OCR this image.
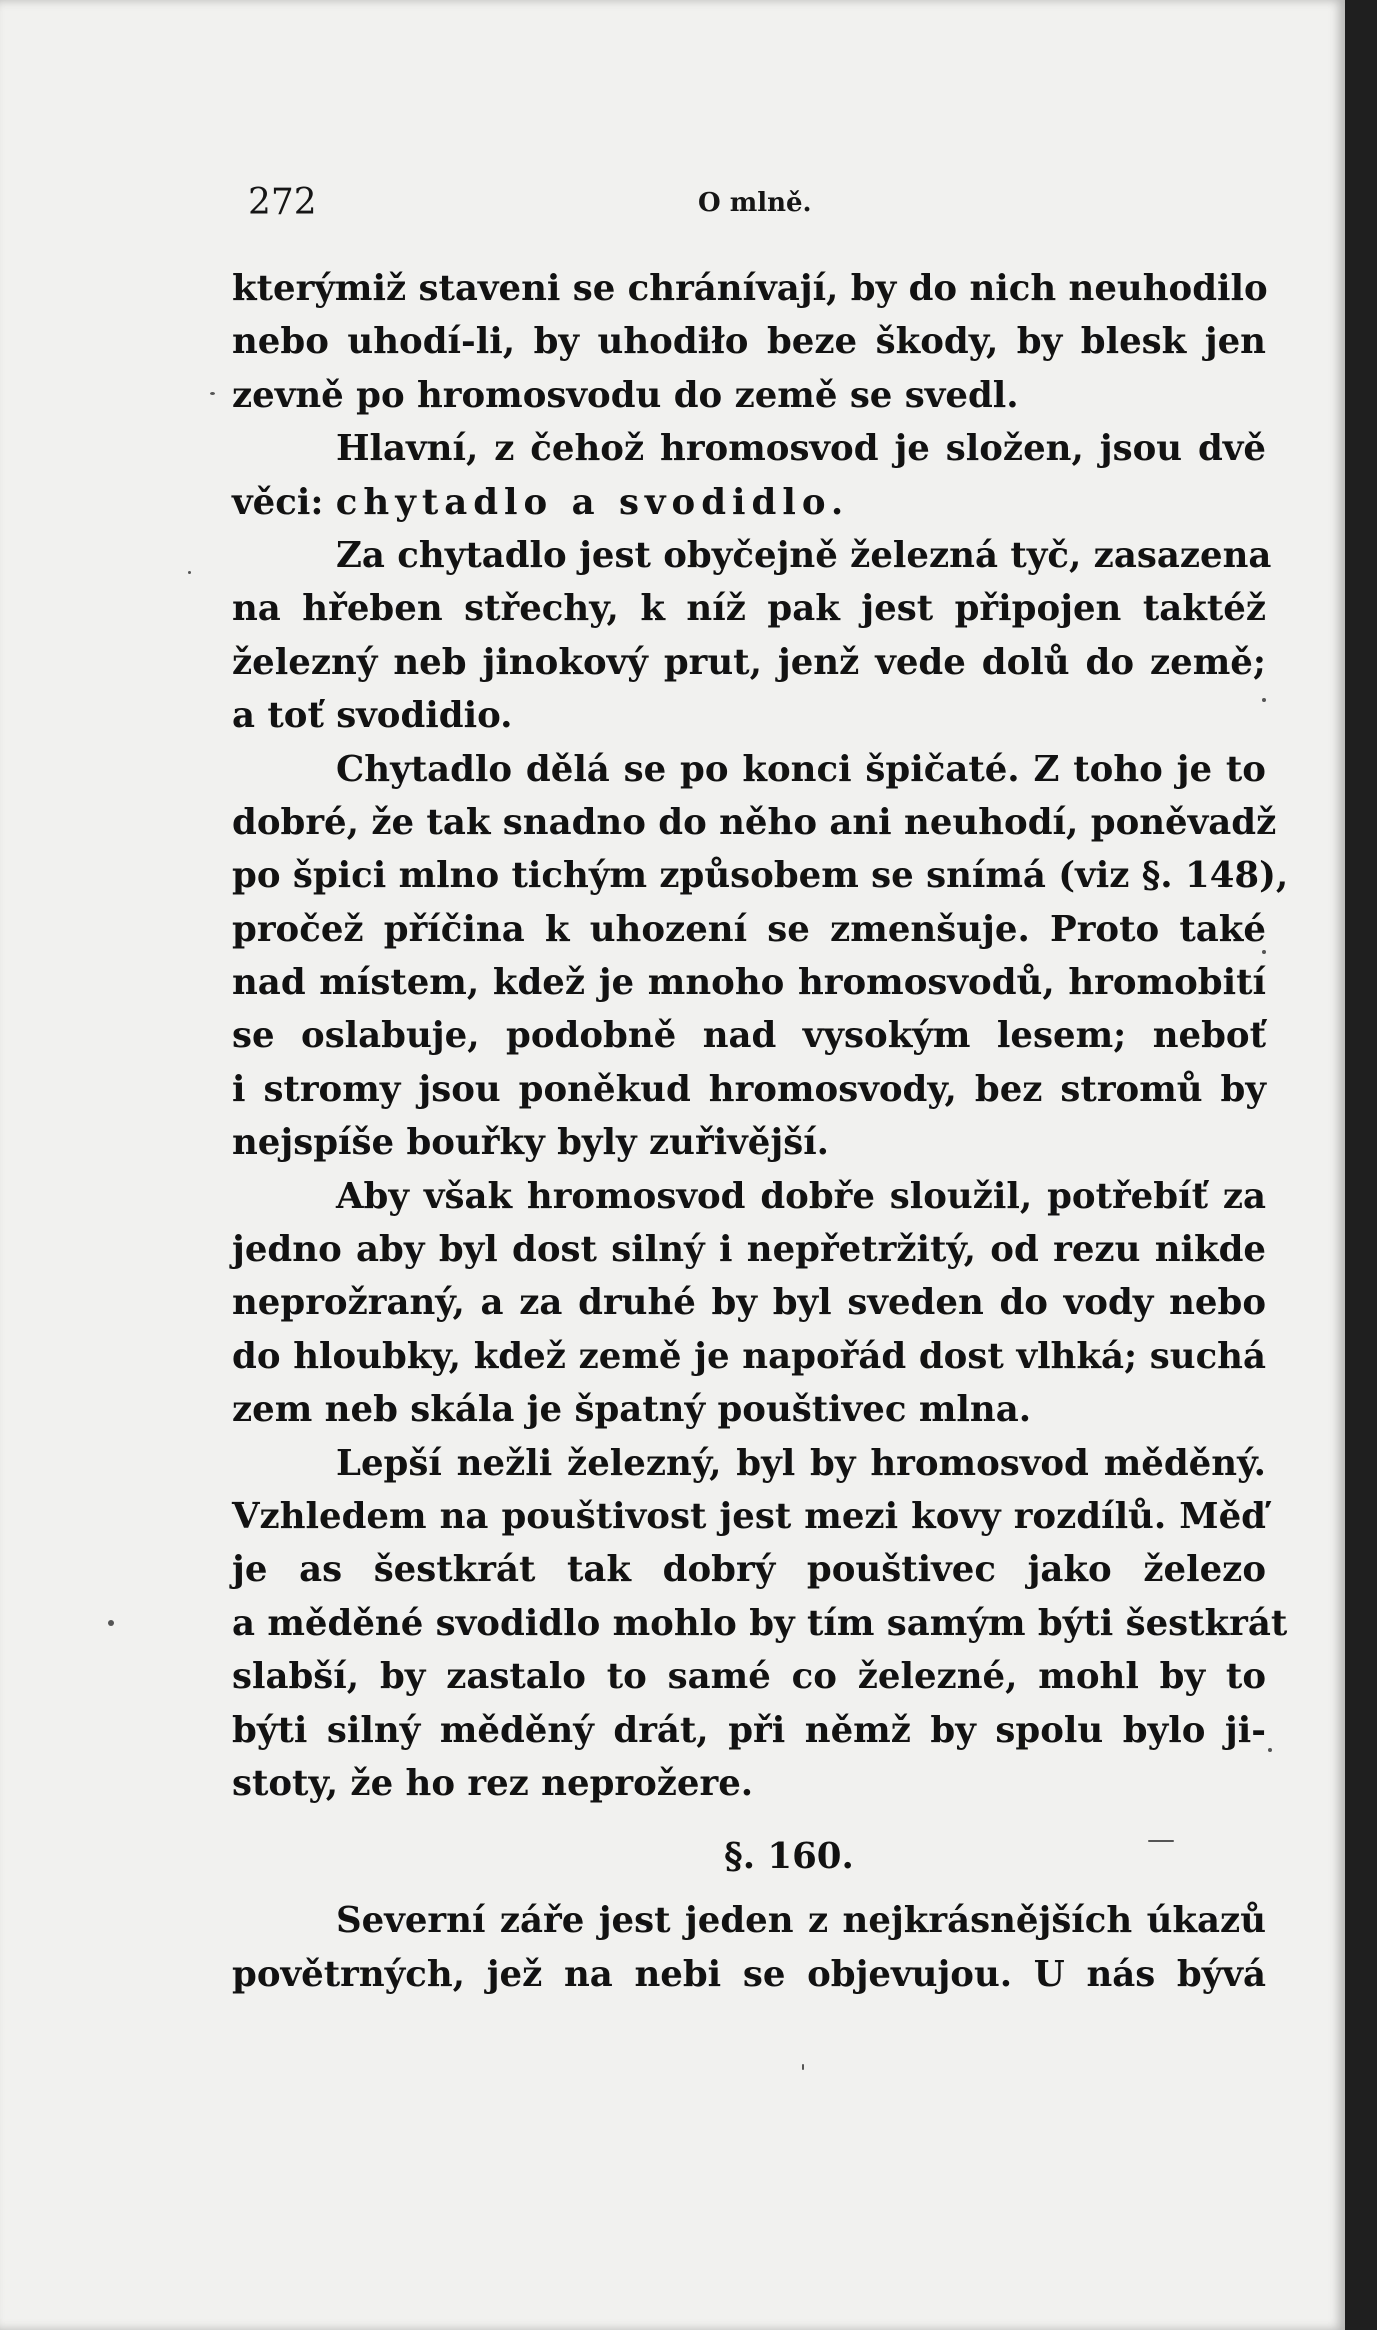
272	O mlně.
kterýmiž staveni se chránívají, by do nich neuhodilo
nebo uhodí-li, by uhodiło beze škody, by blesk jen
zevně po hromosvodu do země se svedl.
Hlavní, z čehož hromosvod je složen, jsou dvě
věci: chytadlo a svodidlo.
Za chytadlo jest obyčejně železná tyč, zasazena
na hřeben střechy, k níž pak jest připojen taktéž
železný neb jinokový prut, jenž vede dolů do země;
a toť svodidio.
Chytadlo dělá se po konci špičaté. Z toho je to
dobré, že tak snadno do něho ani neuhodí, poněvadž
po špici mlno tichým způsobem se snímá (viz §. 148),
pročež příčina k uhození se zmenšuje. Proto také
nad místem, kdež je mnoho hromosvodů, hromobití
se oslabuje, podobně nad vysokým lesem; neboť
i stromy jsou poněkud hromosvody, bez stromů by
nejspíše bouřky byly zuřivější.
Aby však hromosvod dobře sloužil, potřebíť za
jedno aby byl dost silný i nepřetržitý, od rezu nikde
neprožraný, a za druhé by byl sveden do vody nebo
do hloubky, kdež země je napořád dost vlhká; suchá
zem neb skála je špatný pouštivec mlna.
Lepší nežli železný, byl by hromosvod měděný.
Vzhledem na pouštivost jest mezi kovy rozdílů. Měď
je as šestkrát tak dobrý pouštivec jako železo
a měděné svodidlo mohlo by tím samým býti šestkrát
slabší, by zastalo to samé co železné, mohl by to
býti silný měděný drát, při němž by spolu bylo ji-
stoty, že ho rez neprožere.
§. 160.
Severní záře jest jeden z nejkrásnějších úkazů
povětrných, jež na nebi se objevujou. U nás bývá
